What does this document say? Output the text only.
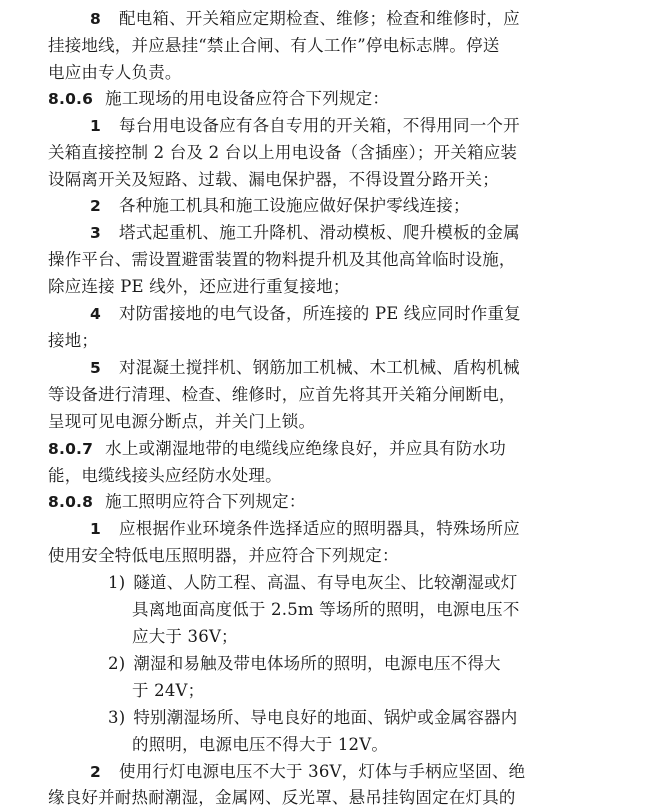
8 配电箱、开关箱应定期检查、维修；检查和维修时，应
挂接地线，并应悬挂“禁止合闸、有人工作”停电标志牌。停送
电应由专人负责。
8.0.6 施工现场的用电设备应符合下列规定：
1 每台用电设备应有各自专用的开关箱，不得用同一个开
关箱直接控制 2 台及 2 台以上用电设备（含插座）；开关箱应装
设隔离开关及短路、过载、漏电保护器，不得设置分路开关；
2 各种施工机具和施工设施应做好保护零线连接；
3 塔式起重机、施工升降机、滑动模板、爬升模板的金属
操作平台、需设置避雷装置的物料提升机及其他高耸临时设施，
除应连接 PE 线外，还应进行重复接地；
4 对防雷接地的电气设备，所连接的 PE 线应同时作重复
接地；
5 对混凝土搅拌机、钢筋加工机械、木工机械、盾构机械
等设备进行清理、检查、维修时，应首先将其开关箱分闸断电，
呈现可见电源分断点，并关门上锁。
8.0.7 水上或潮湿地带的电缆线应绝缘良好，并应具有防水功
能，电缆线接头应经防水处理。
8.0.8 施工照明应符合下列规定：
1 应根据作业环境条件选择适应的照明器具，特殊场所应
使用安全特低电压照明器，并应符合下列规定：
1) 隧道、人防工程、高温、有导电灰尘、比较潮湿或灯
具离地面高度低于 2.5m 等场所的照明，电源电压不
应大于 36V；
2) 潮湿和易触及带电体场所的照明，电源电压不得大
于 24V；
3) 特别潮湿场所、导电良好的地面、锅炉或金属容器内
的照明，电源电压不得大于 12V。
2 使用行灯电源电压不大于 36V，灯体与手柄应坚固、绝
缘良好并耐热耐潮湿，金属网、反光罩、悬吊挂钩固定在灯具的
